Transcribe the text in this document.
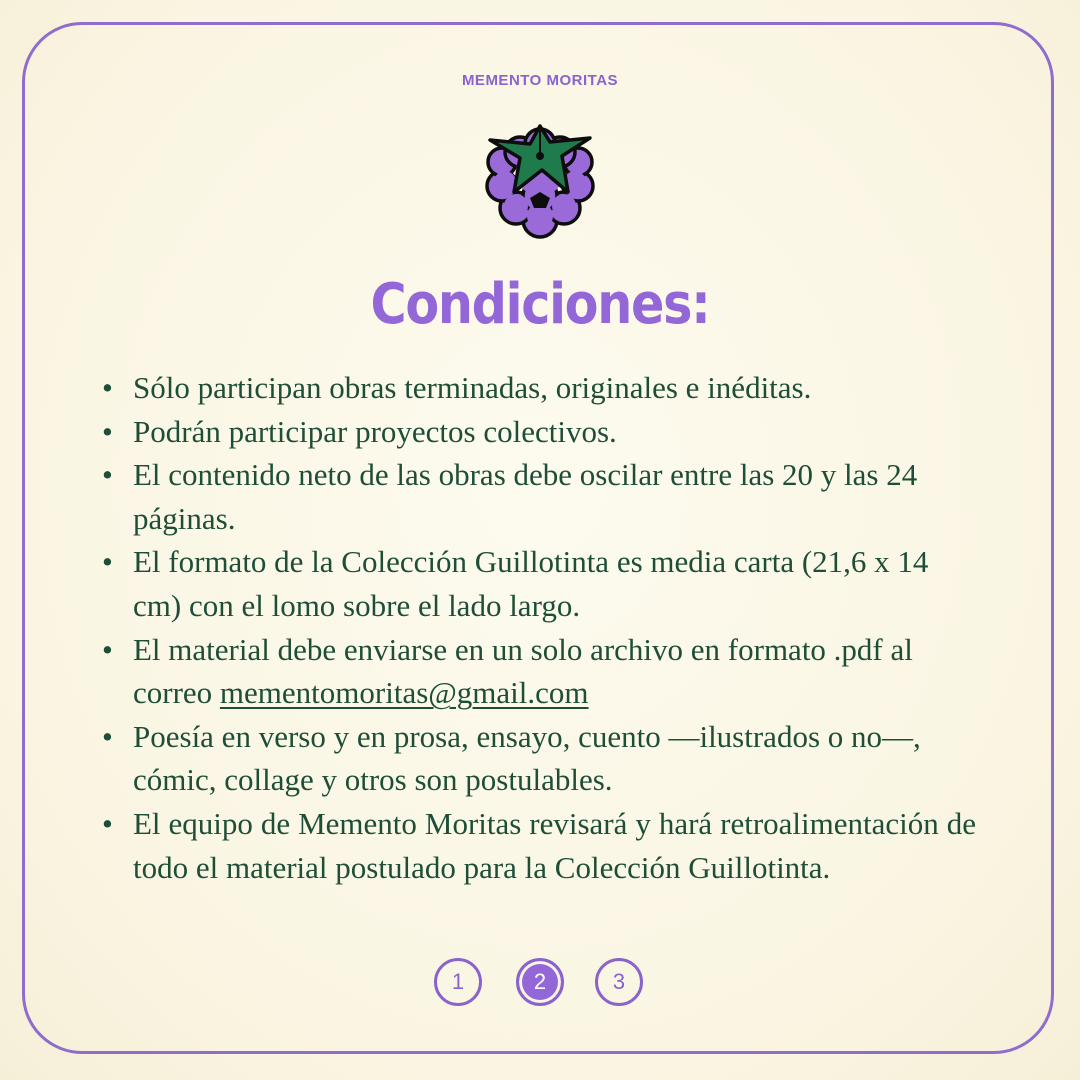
MEMENTO MORITAS
Condiciones:
• Sólo participan obras terminadas, originales e inéditas.
• Podrán participar proyectos colectivos.
• El contenido neto de las obras debe oscilar entre las 20 y las 24 páginas.
• El formato de la Colección Guillotinta es media carta (21,6 x 14 cm) con el lomo sobre el lado largo.
• El material debe enviarse en un solo archivo en formato .pdf al correo mementomoritas@gmail.com
• Poesía en verso y en prosa, ensayo, cuento —ilustrados o no—, cómic, collage y otros son postulables.
• El equipo de Memento Moritas revisará y hará retroalimentación de todo el material postulado para la Colección Guillotinta.
1	2	3
